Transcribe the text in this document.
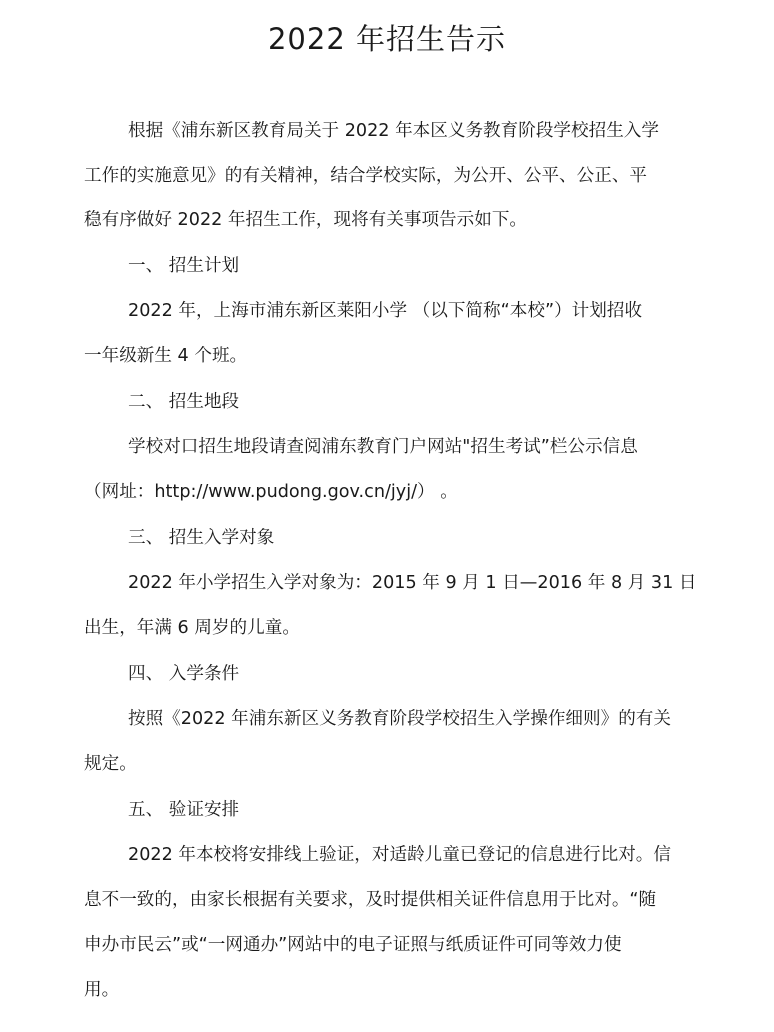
2022 年招生告示
根据《浦东新区教育局关于 2022 年本区义务教育阶段学校招生入学
工作的实施意见》的有关精神，结合学校实际，为公开、公平、公正、平
稳有序做好 2022 年招生工作，现将有关事项告示如下。
一、 招生计划
2022 年，上海市浦东新区莱阳小学 （以下简称“本校”）计划招收
一年级新生 4 个班。
二、 招生地段
学校对口招生地段请查阅浦东教育门户网站"招生考试”栏公示信息
（网址：http://www.pudong.gov.cn/jyj/） 。
三、 招生入学对象
2022 年小学招生入学对象为：2015 年 9 月 1 日—2016 年 8 月 31 日
出生，年满 6 周岁的儿童。
四、 入学条件
按照《2022 年浦东新区义务教育阶段学校招生入学操作细则》的有关
规定。
五、 验证安排
2022 年本校将安排线上验证，对适龄儿童已登记的信息进行比对。信
息不一致的，由家长根据有关要求，及时提供相关证件信息用于比对。“随
申办市民云”或“一网通办”网站中的电子证照与纸质证件可同等效力使
用。
